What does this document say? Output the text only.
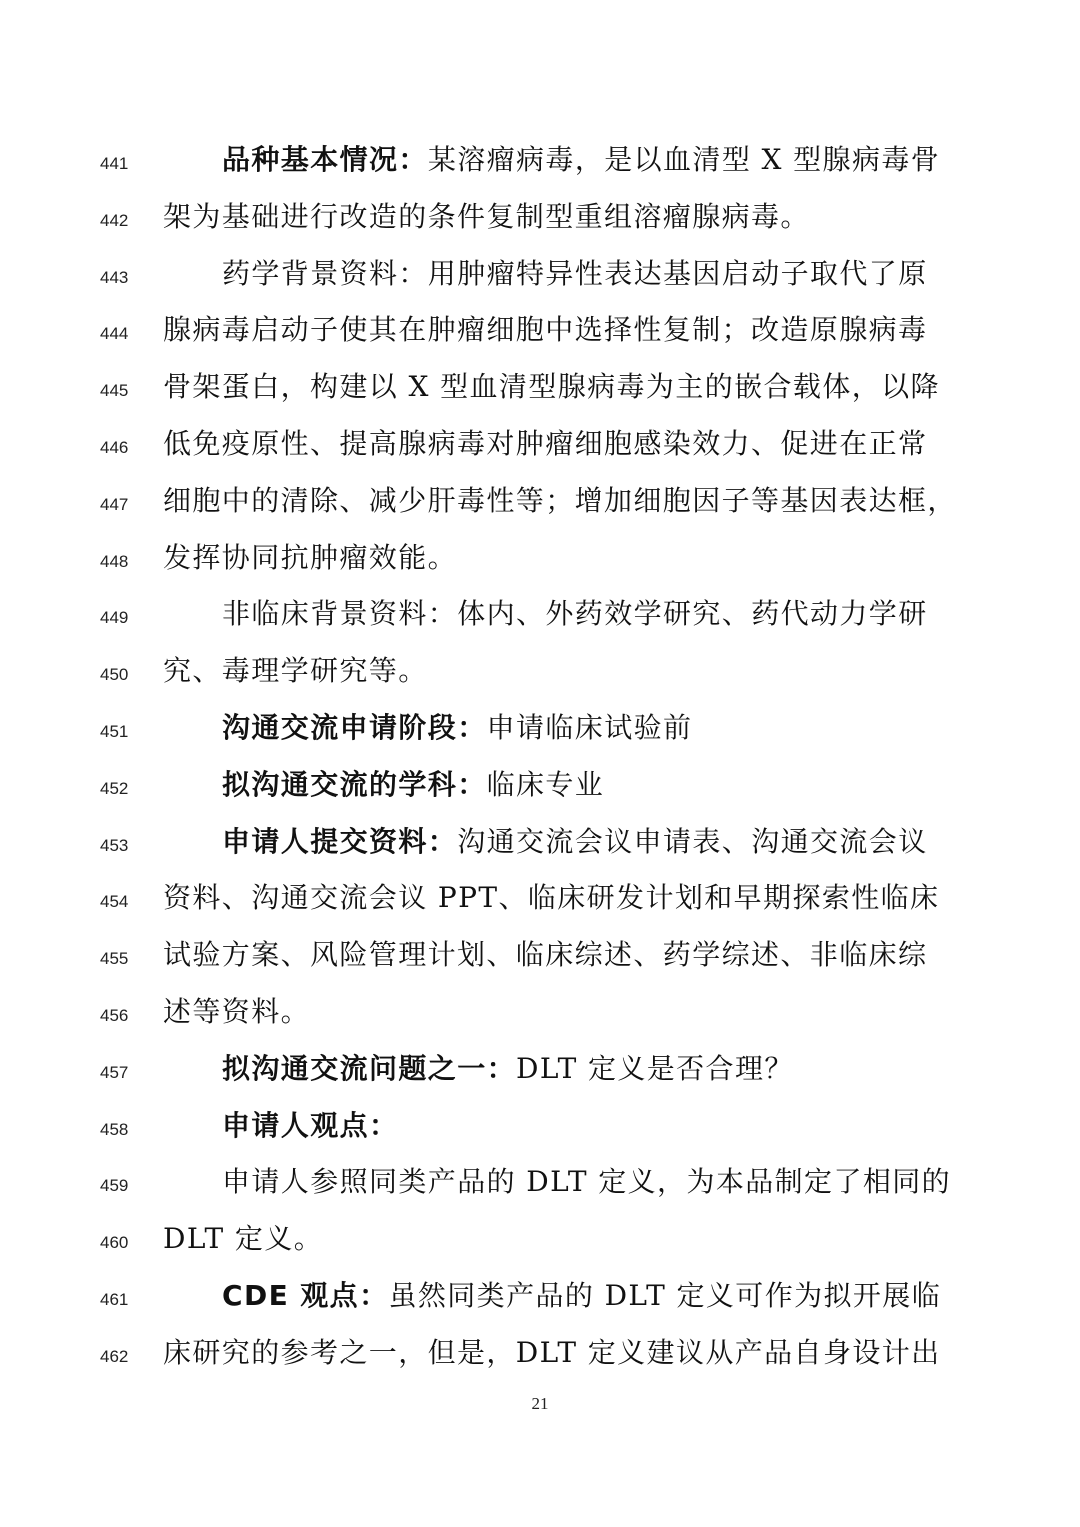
441	品种基本情况：某溶瘤病毒，是以血清型 X 型腺病毒骨
442 架为基础进行改造的条件复制型重组溶瘤腺病毒。
443	药学背景资料：用肿瘤特异性表达基因启动子取代了原
444 腺病毒启动子使其在肿瘤细胞中选择性复制；改造原腺病毒
445 骨架蛋白，构建以 X 型血清型腺病毒为主的嵌合载体，以降
446 低免疫原性、提高腺病毒对肿瘤细胞感染效力、促进在正常
447 细胞中的清除、减少肝毒性等；增加细胞因子等基因表达框，
448 发挥协同抗肿瘤效能。
449	非临床背景资料：体内、外药效学研究、药代动力学研
450 究、毒理学研究等。
451	沟通交流申请阶段：申请临床试验前
452	拟沟通交流的学科：临床专业
453	申请人提交资料：沟通交流会议申请表、沟通交流会议
454 资料、沟通交流会议 PPT、临床研发计划和早期探索性临床
455 试验方案、风险管理计划、临床综述、药学综述、非临床综
456 述等资料。
457	拟沟通交流问题之一：DLT 定义是否合理？
458	申请人观点：
459	申请人参照同类产品的 DLT 定义，为本品制定了相同的
460 DLT 定义。
461	CDE 观点：虽然同类产品的 DLT 定义可作为拟开展临
462 床研究的参考之一，但是，DLT 定义建议从产品自身设计出
21
